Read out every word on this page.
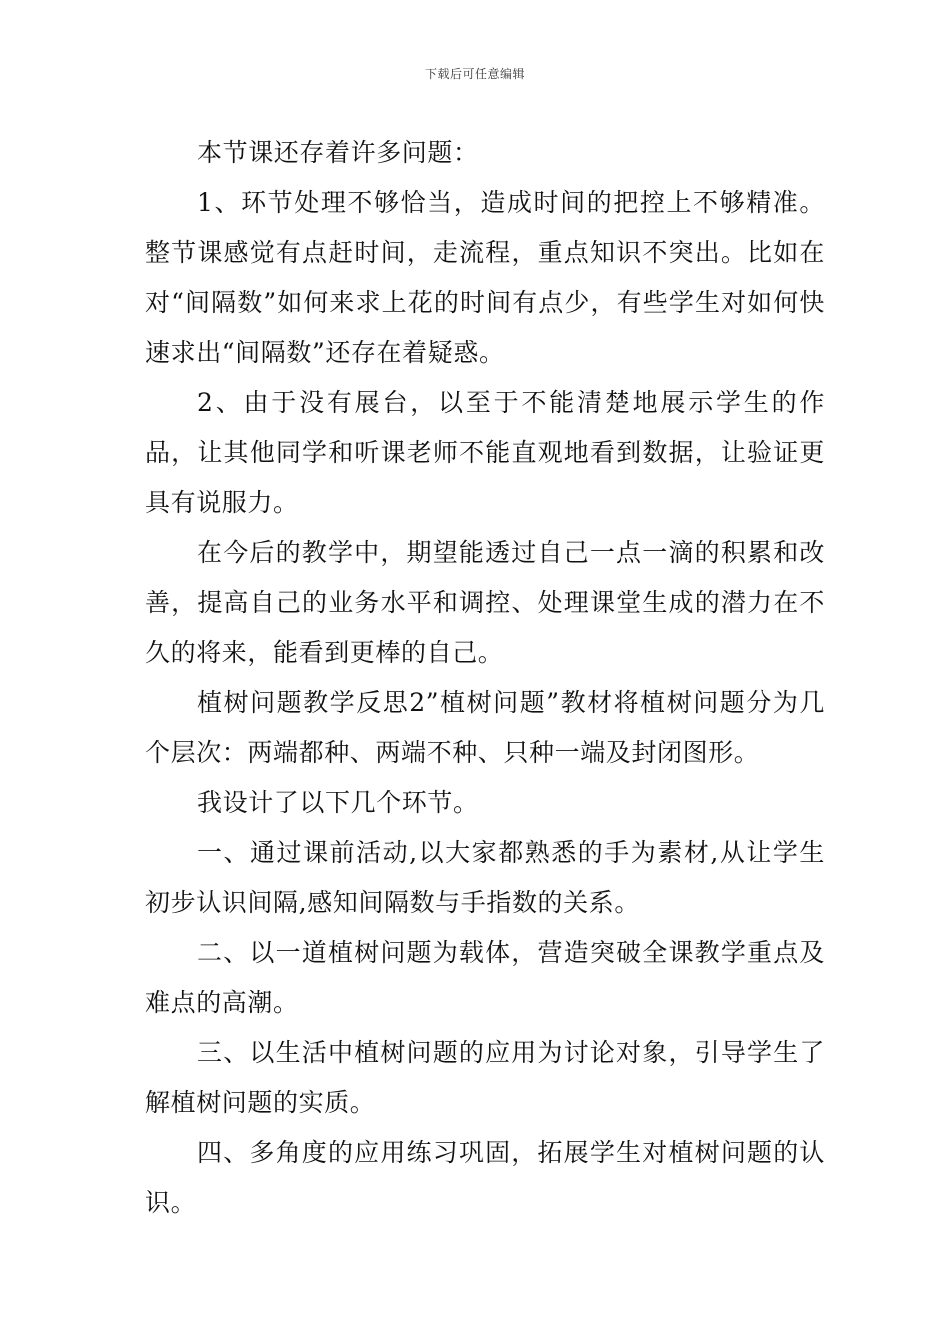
下载后可任意编辑

本节课还存着许多问题：

1、环节处理不够恰当，造成时间的把控上不够精准。整节课感觉有点赶时间，走流程，重点知识不突出。比如在对“间隔数”如何来求上花的时间有点少，有些学生对如何快速求出“间隔数”还存在着疑惑。

2、由于没有展台，以至于不能清楚地展示学生的作品，让其他同学和听课老师不能直观地看到数据，让验证更具有说服力。

在今后的教学中，期望能透过自己一点一滴的积累和改善，提高自己的业务水平和调控、处理课堂生成的潜力在不久的将来，能看到更棒的自己。

植树问题教学反思2”植树问题”教材将植树问题分为几个层次：两端都种、两端不种、只种一端及封闭图形。

我设计了以下几个环节。

一、通过课前活动,以大家都熟悉的手为素材,从让学生初步认识间隔,感知间隔数与手指数的关系。

二、以一道植树问题为载体，营造突破全课教学重点及难点的高潮。

三、以生活中植树问题的应用为讨论对象，引导学生了解植树问题的实质。

四、多角度的应用练习巩固，拓展学生对植树问题的认识。
